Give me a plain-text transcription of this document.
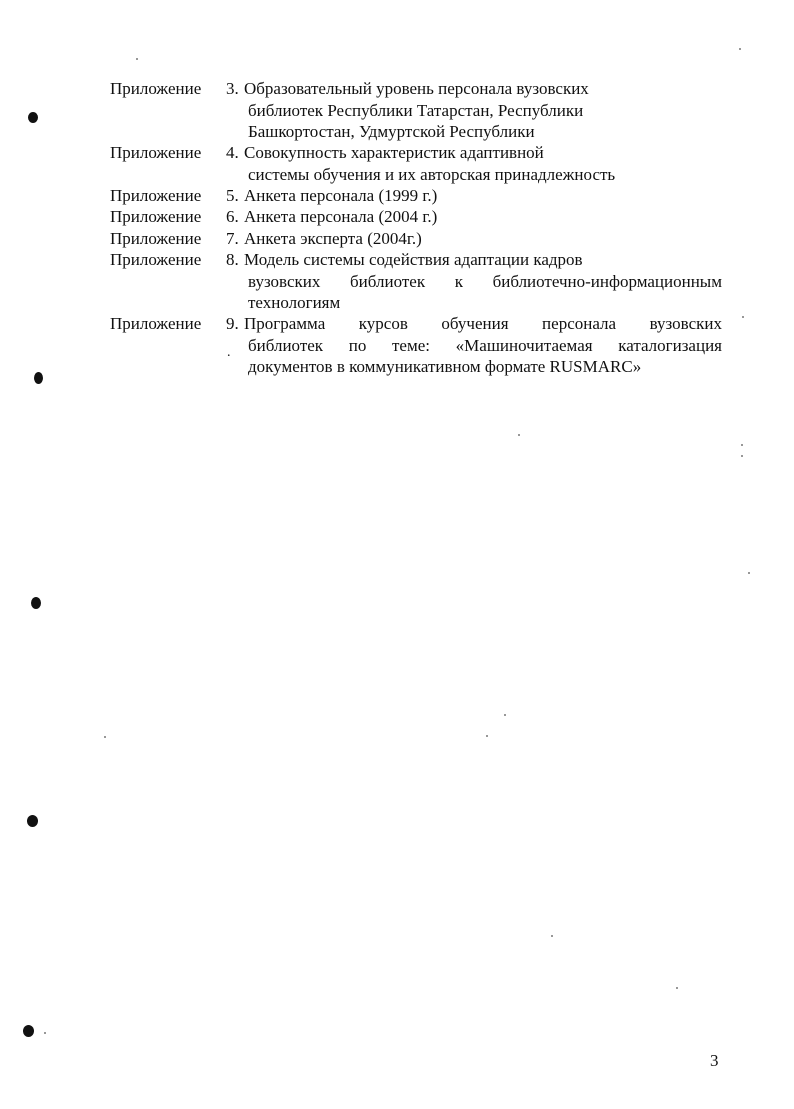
Приложение	3. Образовательный уровень персонала вузовских
библиотек Республики Татарстан, Республики
Башкортостан, Удмуртской Республики
Приложение	4. Совокупность характеристик адаптивной
системы обучения и их авторская принадлежность
Приложение	5. Анкета персонала (1999 г.)
Приложение	6. Анкета персонала (2004 г.)
Приложение	7. Анкета эксперта (2004г.)
Приложение	8. Модель системы содействия адаптации кадров
вузовских библиотек к библиотечно-информационным
технологиям
Приложение	9. Программа курсов обучения персонала вузовских
библиотек по теме: «Машиночитаемая каталогизация
документов в коммуникативном формате RUSMARC»
.
3
